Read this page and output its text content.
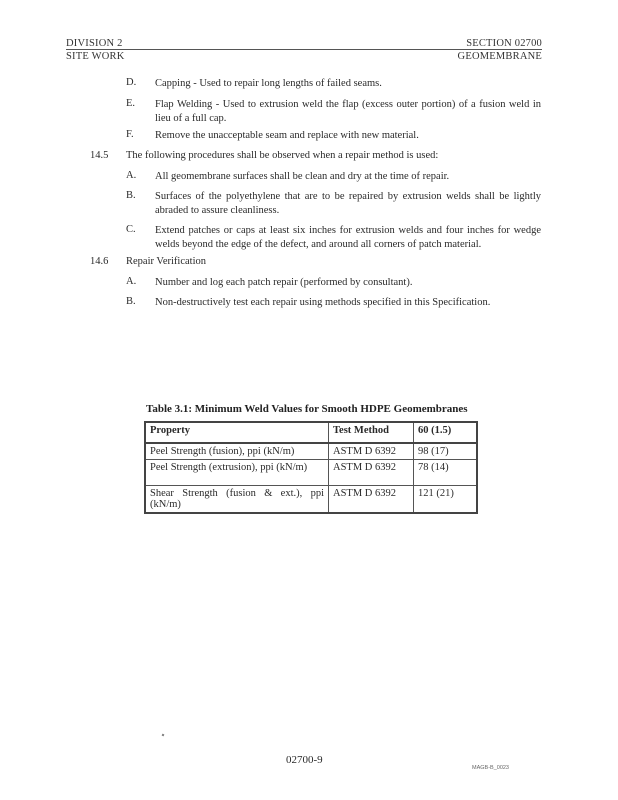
DIVISION 2
SITE WORK
SECTION 02700
GEOMEMBRANE
D. Capping - Used to repair long lengths of failed seams.
E. Flap Welding - Used to extrusion weld the flap (excess outer portion) of a fusion weld in lieu of a full cap.
F. Remove the unacceptable seam and replace with new material.
14.5 The following procedures shall be observed when a repair method is used:
A. All geomembrane surfaces shall be clean and dry at the time of repair.
B. Surfaces of the polyethylene that are to be repaired by extrusion welds shall be lightly abraded to assure cleanliness.
C. Extend patches or caps at least six inches for extrusion welds and four inches for wedge welds beyond the edge of the defect, and around all corners of patch material.
14.6 Repair Verification
A. Number and log each patch repair (performed by consultant).
B. Non-destructively test each repair using methods specified in this Specification.
Table 3.1: Minimum Weld Values for Smooth HDPE Geomembranes
Property	Test Method	60 (1.5)
Peel Strength (fusion), ppi (kN/m)	ASTM D 6392	98 (17)
Peel Strength (extrusion), ppi (kN/m)	ASTM D 6392	78 (14)
Shear Strength (fusion & ext.), ppi (kN/m)	ASTM D 6392	121 (21)
02700-9
MAGB-B_0023
